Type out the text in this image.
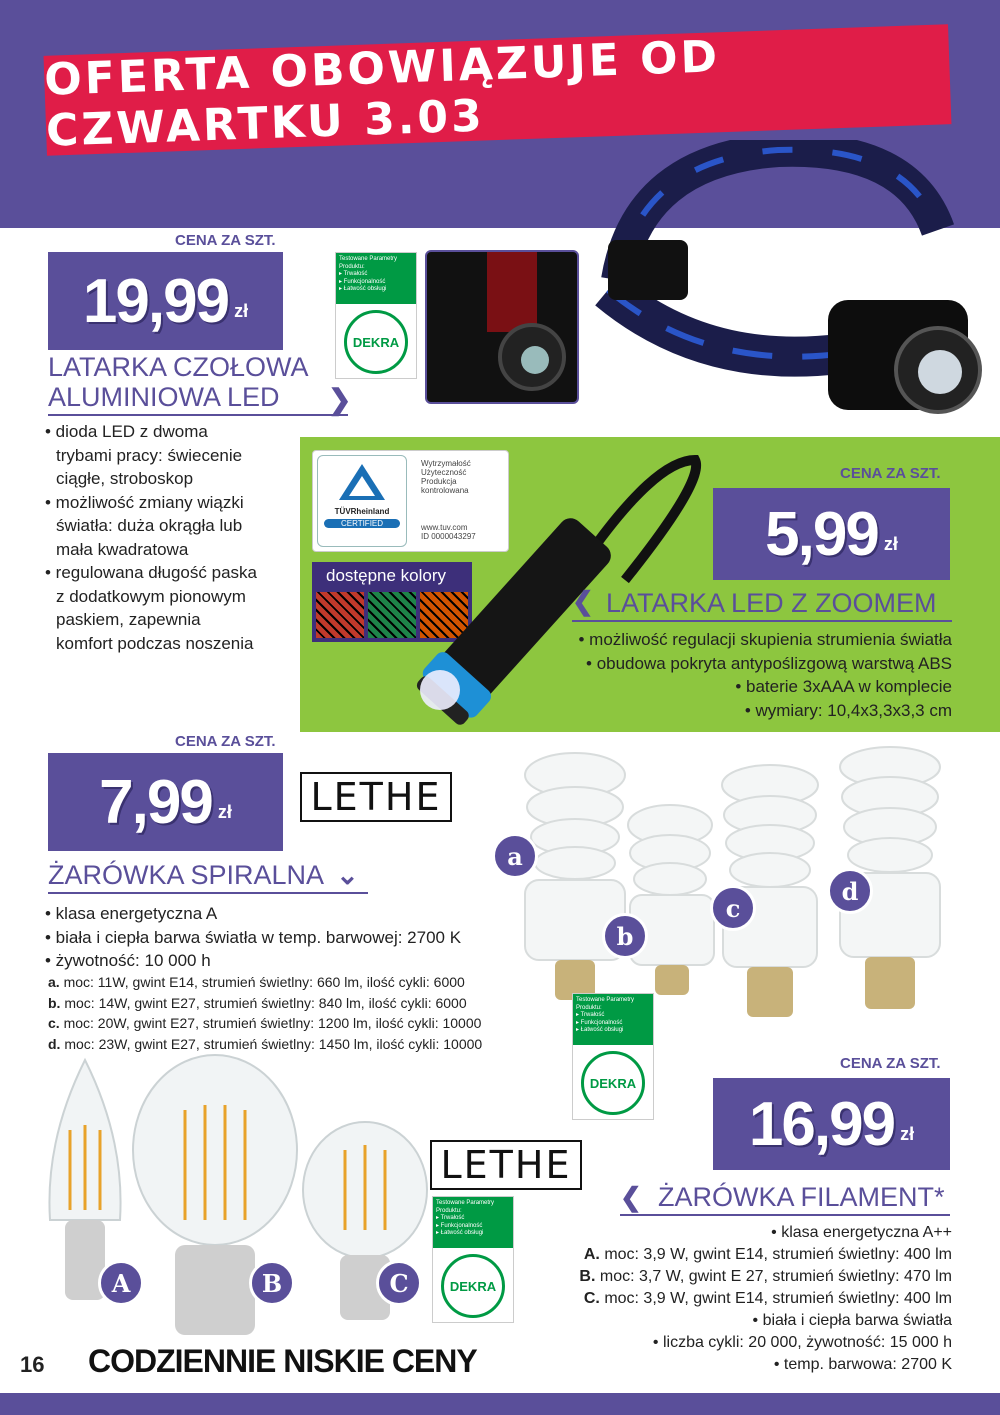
OFERTA OBOWIĄZUJE OD CZWARTKU 3.03
Testowane Parametry
Produktu:
▸ Trwałość
▸ Funkcjonalność
▸ Łatwość obsługi
DEKRA
CENA ZA SZT.
19,99 zł
LATARKA CZOŁOWA
ALUMINIOWA LED	❯
• dioda LED z dwoma
trybami pracy: świecenie
ciągłe, stroboskop
• możliwość zmiany wiązki
światła: duża okrągła lub
mała kwadratowa
• regulowana długość paska
z dodatkowym pionowym
paskiem, zapewnia
komfort podczas noszenia
TÜVRheinland
CERTIFIED
Wytrzymałość
Użyteczność
Produkcja
kontrolowana
www.tuv.com
ID 0000043297
dostępne kolory
CENA ZA SZT.
5,99 zł
❮ LATARKA LED Z ZOOMEM
• możliwość regulacji skupienia strumienia światła
• obudowa pokryta antypoślizgową warstwą ABS
• baterie 3xAAA w komplecie
• wymiary: 10,4x3,3x3,3 cm
CENA ZA SZT.
7,99 zł LETHE
ŻARÓWKA SPIRALNA ⌄
• klasa energetyczna A
• biała i ciepła barwa światła w temp. barwowej: 2700 K
• żywotność: 10 000 h
a. moc: 11W, gwint E14, strumień świetlny: 660 lm, ilość cykli: 6000
b. moc: 14W, gwint E27, strumień świetlny: 840 lm, ilość cykli: 6000
c. moc: 20W, gwint E27, strumień świetlny: 1200 lm, ilość cykli: 10000
d. moc: 23W, gwint E27, strumień świetlny: 1450 lm, ilość cykli: 10000
a
b
c
d
Testowane Parametry
Produktu:
▸ Trwałość
▸ Funkcjonalność
▸ Łatwość obsługi
DEKRA
A	B	C
LETHE
Testowane Parametry
Produktu:
▸ Trwałość
▸ Funkcjonalność
▸ Łatwość obsługi
DEKRA
CENA ZA SZT.
16,99 zł
❮ ŻARÓWKA FILAMENT*
• klasa energetyczna A++
A. moc: 3,9 W, gwint E14, strumień świetlny: 400 lm
B. moc: 3,7 W, gwint E 27, strumień świetlny: 470 lm
C. moc: 3,9 W, gwint E14, strumień świetlny: 400 lm
• biała i ciepła barwa światła
• liczba cykli: 20 000, żywotność: 15 000 h
• temp. barwowa: 2700 K
16 CODZIENNIE NISKIE CENY
